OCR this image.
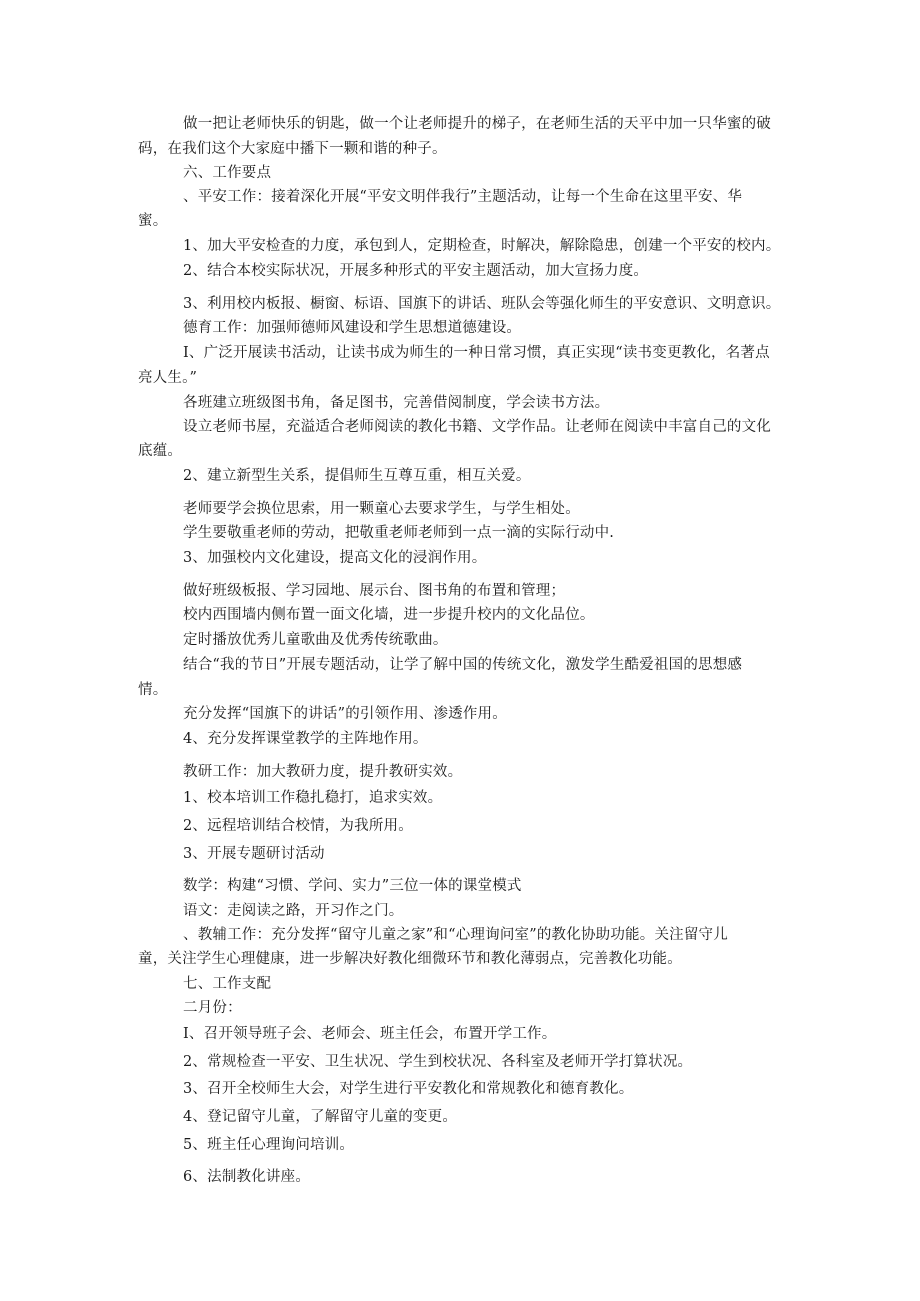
做一把让老师快乐的钥匙，做一个让老师提升的梯子，在老师生活的天平中加一只华蜜的破
码，在我们这个大家庭中播下一颗和谐的种子。
六、工作要点
、平安工作：接着深化开展“平安文明伴我行”主题活动，让每一个生命在这里平安、华
蜜。
1、加大平安检查的力度，承包到人，定期检查，时解决，解除隐患，创建一个平安的校内。
2、结合本校实际状况，开展多种形式的平安主题活动，加大宣扬力度。
3、利用校内板报、橱窗、标语、国旗下的讲话、班队会等强化师生的平安意识、文明意识。
德育工作：加强师德师风建设和学生思想道德建设。
I、广泛开展读书活动，让读书成为师生的一种日常习惯，真正实现“读书变更教化，名著点
亮人生。”
各班建立班级图书角，备足图书，完善借阅制度，学会读书方法。
设立老师书屋，充溢适合老师阅读的教化书籍、文学作品。让老师在阅读中丰富自己的文化
底蕴。
2、建立新型生关系，提倡师生互尊互重，相互关爱。
老师要学会换位思索，用一颗童心去要求学生，与学生相处。
学生要敬重老师的劳动，把敬重老师老师到一点一滴的实际行动中.
3、加强校内文化建设，提高文化的浸润作用。
做好班级板报、学习园地、展示台、图书角的布置和管理；
校内西围墙内侧布置一面文化墙，进一步提升校内的文化品位。
定时播放优秀儿童歌曲及优秀传统歌曲。
结合“我的节日”开展专题活动，让学了解中国的传统文化，激发学生酷爱祖国的思想感
情。
充分发挥“国旗下的讲话”的引领作用、渗透作用。
4、充分发挥课堂教学的主阵地作用。
教研工作：加大教研力度，提升教研实效。
1、校本培训工作稳扎稳打，追求实效。
2、远程培训结合校情，为我所用。
3、开展专题研讨活动
数学：构建“习惯、学问、实力”三位一体的课堂模式
语文：走阅读之路，开习作之门。
、教辅工作：充分发挥“留守儿童之家”和“心理询问室”的教化协助功能。关注留守儿
童，关注学生心理健康，进一步解决好教化细微环节和教化薄弱点，完善教化功能。
七、工作支配
二月份：
I、召开领导班子会、老师会、班主任会，布置开学工作。
2、常规检查一平安、卫生状况、学生到校状况、各科室及老师开学打算状况。
3、召开全校师生大会，对学生进行平安教化和常规教化和德育教化。
4、登记留守儿童，了解留守儿童的变更。
5、班主任心理询问培训。
6、法制教化讲座。
